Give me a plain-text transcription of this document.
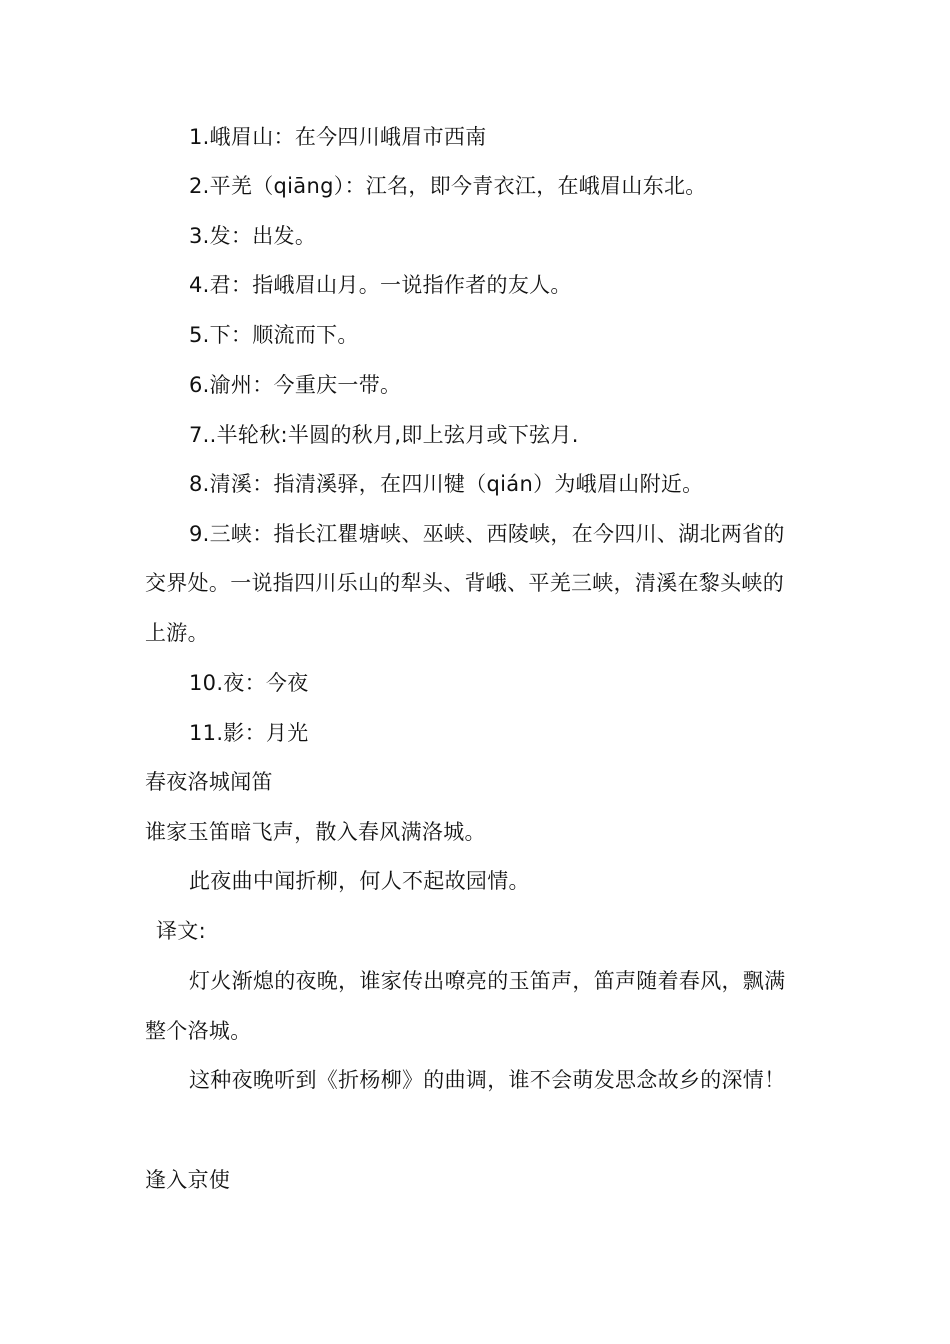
1.峨眉山：在今四川峨眉市西南
2.平羌（qiāng）：江名，即今青衣江，在峨眉山东北。
3.发：出发。
4.君：指峨眉山月。一说指作者的友人。
5.下：顺流而下。
6.渝州：今重庆一带。
7..半轮秋:半圆的秋月,即上弦月或下弦月.
8.清溪：指清溪驿，在四川犍（qián）为峨眉山附近。
9.三峡：指长江瞿塘峡、巫峡、西陵峡，在今四川、湖北两省的
交界处。一说指四川乐山的犁头、背峨、平羌三峡，清溪在黎头峡的
上游。
10.夜：今夜
11.影：月光
春夜洛城闻笛
谁家玉笛暗飞声，散入春风满洛城。
此夜曲中闻折柳，何人不起故园情。
译文:
灯火渐熄的夜晚，谁家传出嘹亮的玉笛声，笛声随着春风，飘满
整个洛城。
这种夜晚听到《折杨柳》的曲调，谁不会萌发思念故乡的深情！
逢入京使
